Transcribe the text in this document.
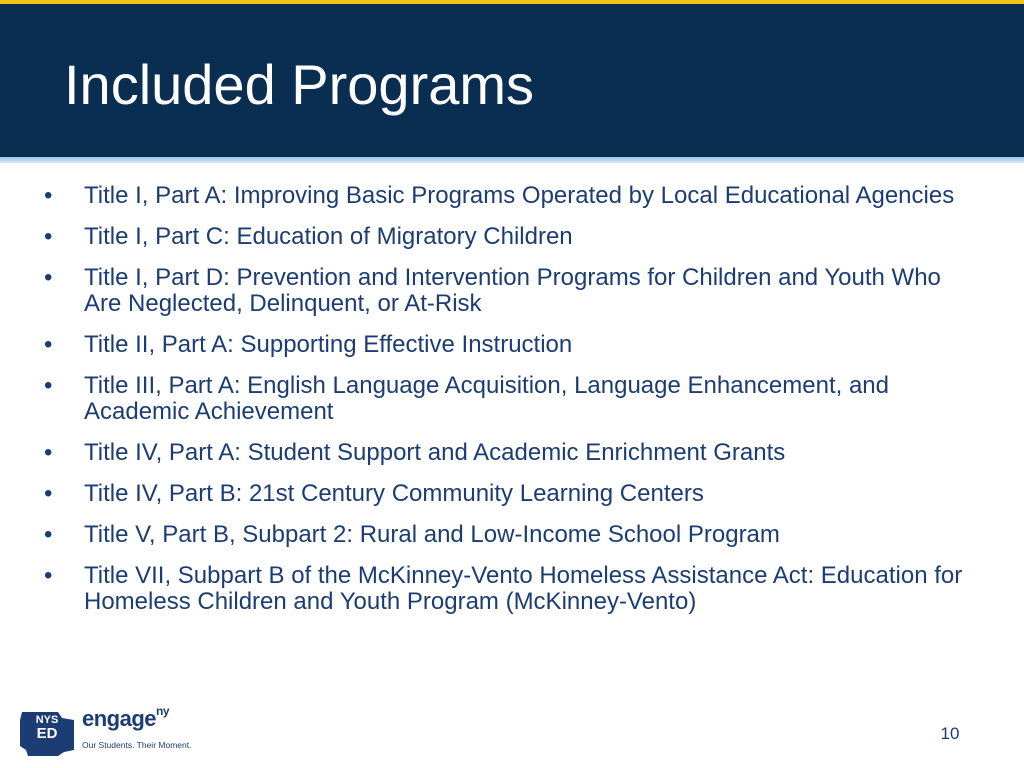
Included Programs
•	Title I, Part A: Improving Basic Programs Operated by Local Educational Agencies
•	Title I, Part C: Education of Migratory Children
•	Title I, Part D: Prevention and Intervention Programs for Children and Youth Who Are Neglected, Delinquent, or At-Risk
•	Title II, Part A: Supporting Effective Instruction
•	Title III, Part A: English Language Acquisition, Language Enhancement, and Academic Achievement
•	Title IV, Part A: Student Support and Academic Enrichment Grants
•	Title IV, Part B: 21st Century Community Learning Centers
•	Title V, Part B, Subpart 2: Rural and Low-Income School Program
•	Title VII, Subpart B of the McKinney-Vento Homeless Assistance Act: Education for Homeless Children and Youth Program (McKinney-Vento)
NYS
ED
engage$^{ny}$
Our Students. Their Moment.
10
